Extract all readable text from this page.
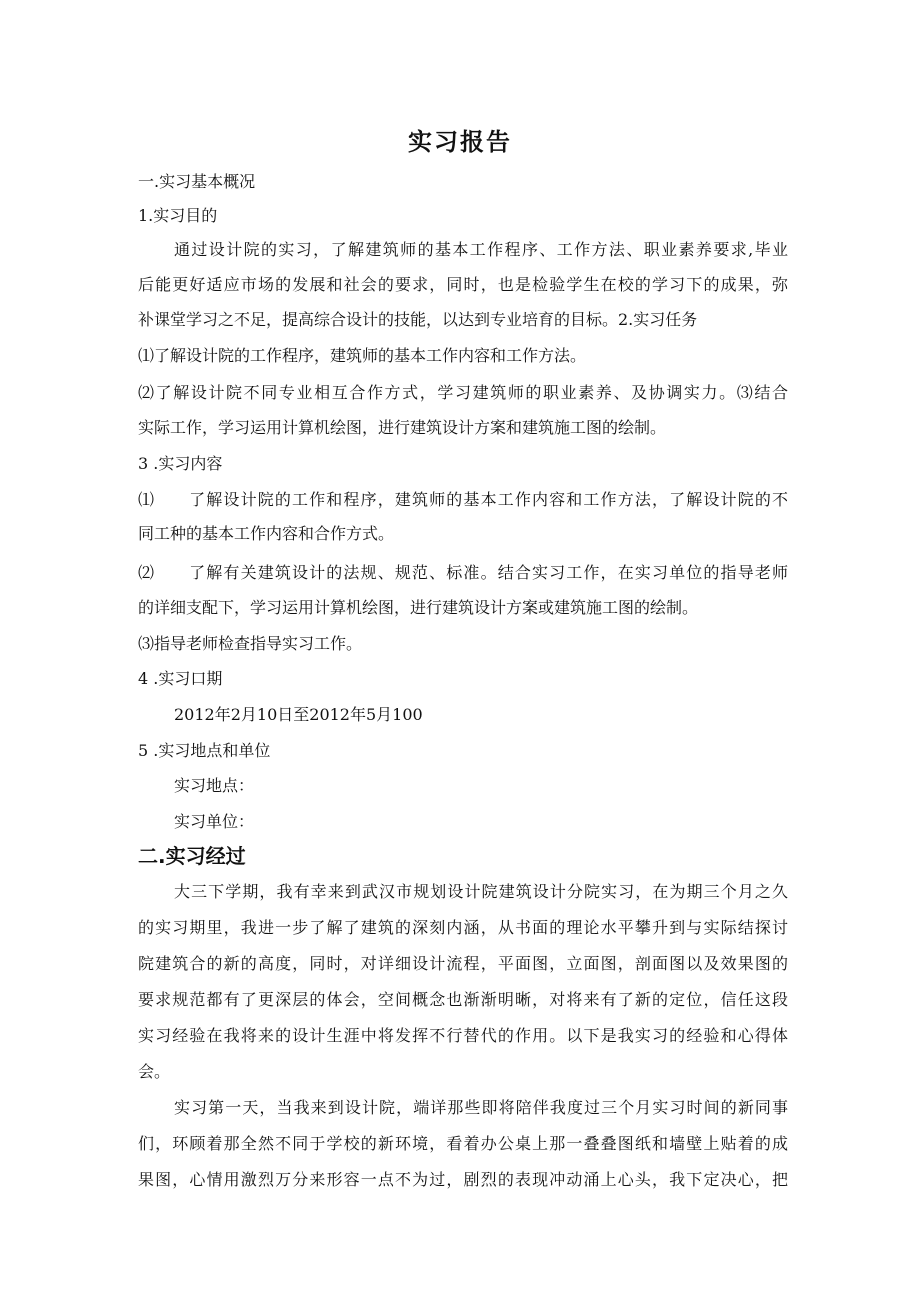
实习报告
一.实习基本概况
1.实习目的
通过设计院的实习，了解建筑师的基本工作程序、工作方法、职业素养要求,毕业
后能更好适应市场的发展和社会的要求，同时，也是检验学生在校的学习下的成果，弥
补课堂学习之不足，提高综合设计的技能，以达到专业培育的目标。2.实习任务
⑴了解设计院的工作程序，建筑师的基本工作内容和工作方法。
⑵了解设计院不同专业相互合作方式，学习建筑师的职业素养、及协调实力。⑶结合
实际工作，学习运用计算机绘图，进行建筑设计方案和建筑施工图的绘制。
3 .实习内容
⑴ 了解设计院的工作和程序，建筑师的基本工作内容和工作方法，了解设计院的不
同工种的基本工作内容和合作方式。
⑵ 了解有关建筑设计的法规、规范、标准。结合实习工作，在实习单位的指导老师
的详细支配下，学习运用计算机绘图，进行建筑设计方案或建筑施工图的绘制。
⑶指导老师检查指导实习工作。
4 .实习口期
2012年2月10日至2012年5月100
5 .实习地点和单位
实习地点：
实习单位：
二.实习经过
大三下学期，我有幸来到武汉市规划设计院建筑设计分院实习，在为期三个月之久
的实习期里，我进一步了解了建筑的深刻内涵，从书面的理论水平攀升到与实际结探讨
院建筑合的新的高度，同时，对详细设计流程，平面图，立面图，剖面图以及效果图的
要求规范都有了更深层的体会，空间概念也渐渐明晰，对将来有了新的定位，信任这段
实习经验在我将来的设计生涯中将发挥不行替代的作用。以下是我实习的经验和心得体
会。
实习第一天，当我来到设计院，端详那些即将陪伴我度过三个月实习时间的新同事
们，环顾着那全然不同于学校的新环境，看着办公桌上那一叠叠图纸和墙壁上贴着的成
果图，心情用激烈万分来形容一点不为过，剧烈的表现冲动涌上心头，我下定决心，把
